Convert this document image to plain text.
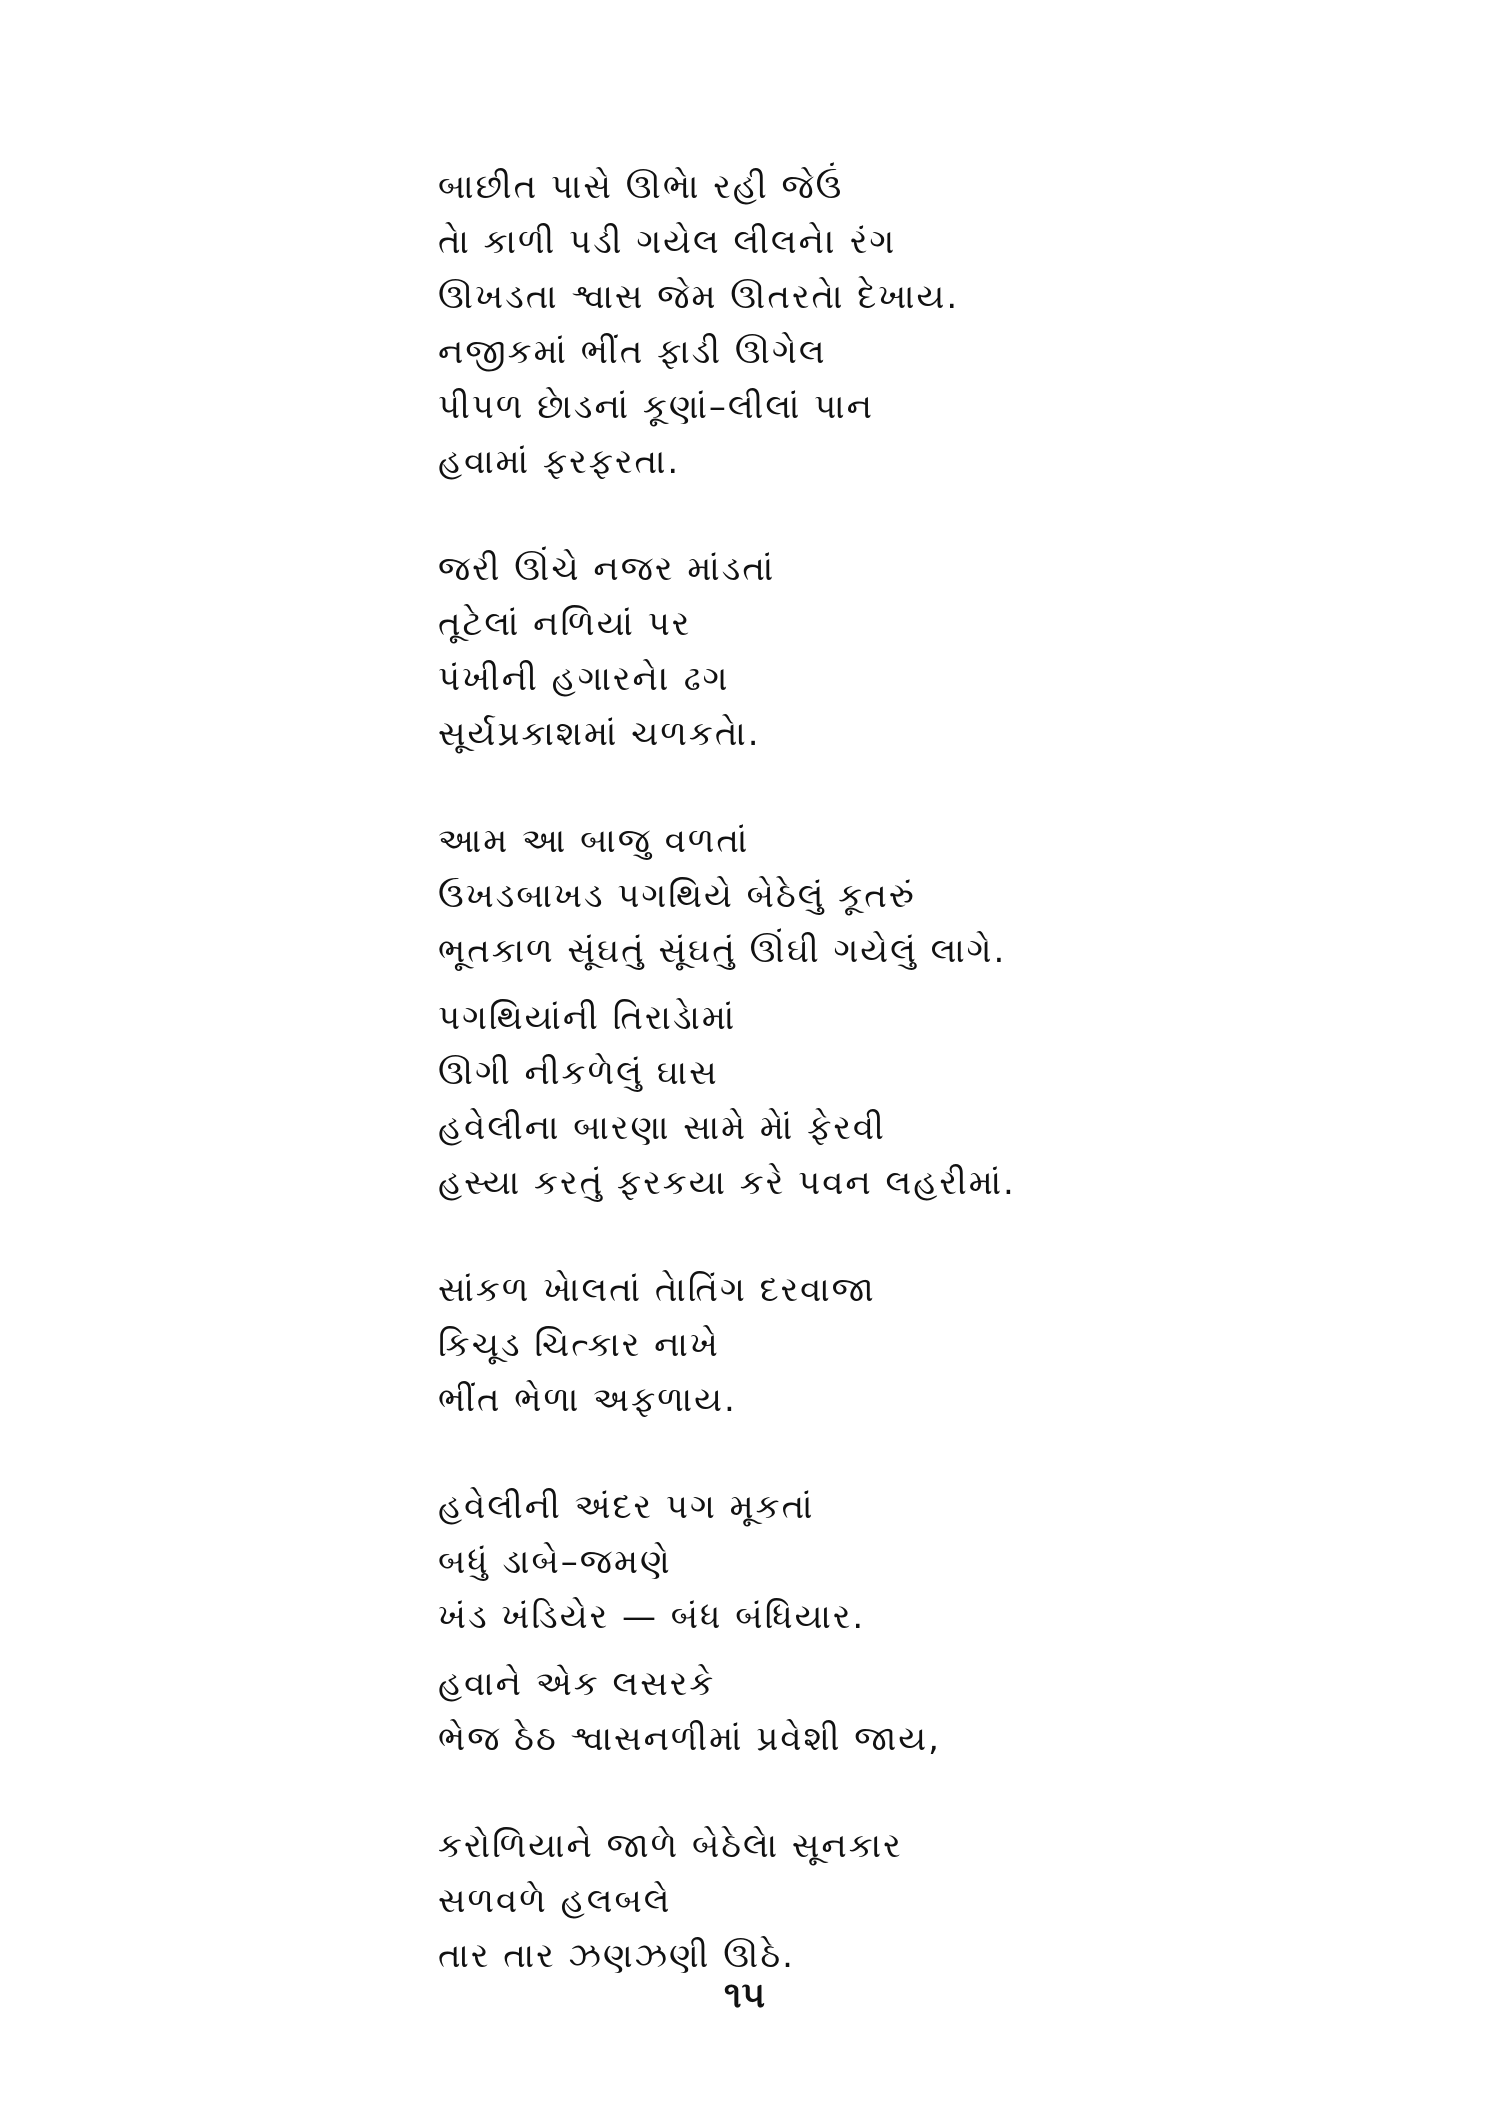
બાછીત પાસે ઊભેા રહી જેઉં
તેા કાળી પડી ગયેલ લીલને। રંગ
ઊખડતા શ્વાસ જેમ ઊતરતેા દેખાય.
નજીકમાં ભીંત ફાડી ઊગેલ
પીપળ છેાડનાં કૂણાં–લીલાં પાન
હવામાં ફરફરતા.
જરી ઊંચે નજર માંડતાં
તૂટેલાં નળિયાં પર
પંખીની હગારને। ઢગ
સૂર્યપ્રકાશમાં ચળકતેા.
આમ આ બાજુ વળતાં
ઉખડબાખડ પગથિયે બેઠેલું કૂતરું
ભૂતકાળ સૂંઘતું સૂંઘતું ઊંઘી ગયેલું લાગે.
પગથિયાંની તિરાડેામાં
ઊગી નીકળેલું ઘાસ
હવેલીના બારણા સામે મેાં ફેરવી
હસ્યા કરતું ફરકયા કરે પવન લહરીમાં.
સાંકળ ખેાલતાં તેાતિંગ દરવાજા
કિચૂડ ચિત્કાર નાખે
ભીંત ભેળા અફળાય.
હવેલીની અંદર પગ મૂકતાં
બધું ડાબે–જમણે
ખંડ ખંડિયેર — બંધ બંધિયાર.
હવાને એક લસરકે
ભેજ ઠેઠ શ્વાસનળીમાં પ્રવેશી જાય,
કરોળિયાને જાળે બેઠેલેા સૂનકાર
સળવળે હલબલે
તાર તાર ઝણઝણી ઊઠે.
૧૫
